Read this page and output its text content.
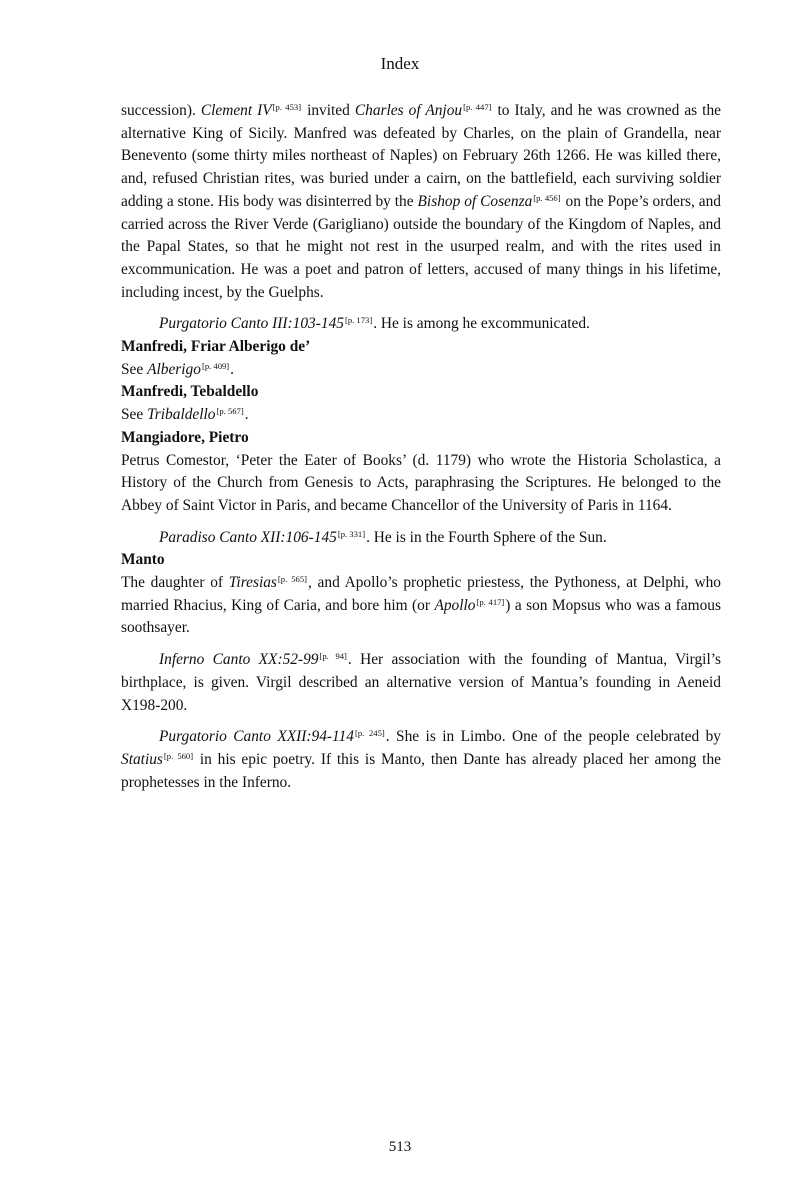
Index

succession). Clement IV[p. 453] invited Charles of Anjou[p. 447] to Italy, and he was crowned as the alternative King of Sicily. Manfred was defeated by Charles, on the plain of Grandella, near Benevento (some thirty miles northeast of Naples) on February 26th 1266. He was killed there, and, refused Christian rites, was buried under a cairn, on the battlefield, each surviving soldier adding a stone. His body was disinterred by the Bishop of Cosenza[p. 456] on the Pope’s orders, and carried across the River Verde (Garigliano) outside the boundary of the Kingdom of Naples, and the Papal States, so that he might not rest in the usurped realm, and with the rites used in excommunication. He was a poet and patron of letters, accused of many things in his lifetime, including incest, by the Guelphs.

Purgatorio Canto III:103-145[p. 173]. He is among he excommunicated.

Manfredi, Friar Alberigo de’

See Alberigo[p. 409].

Manfredi, Tebaldello

See Tribaldello[p. 567].

Mangiadore, Pietro

Petrus Comestor, ‘Peter the Eater of Books’ (d. 1179) who wrote the Historia Scholastica, a History of the Church from Genesis to Acts, paraphrasing the Scriptures. He belonged to the Abbey of Saint Victor in Paris, and became Chancellor of the University of Paris in 1164.

Paradiso Canto XII:106-145[p. 331]. He is in the Fourth Sphere of the Sun.

Manto

The daughter of Tiresias[p. 565], and Apollo’s prophetic priestess, the Pythoness, at Delphi, who married Rhacius, King of Caria, and bore him (or Apollo[p. 417]) a son Mopsus who was a famous soothsayer.

Inferno Canto XX:52-99[p. 94]. Her association with the founding of Mantua, Virgil’s birthplace, is given. Virgil described an alternative version of Mantua’s founding in Aeneid X198-200.

Purgatorio Canto XXII:94-114[p. 245]. She is in Limbo. One of the people celebrated by Statius[p. 560] in his epic poetry. If this is Manto, then Dante has already placed her among the prophetesses in the Inferno.

513
